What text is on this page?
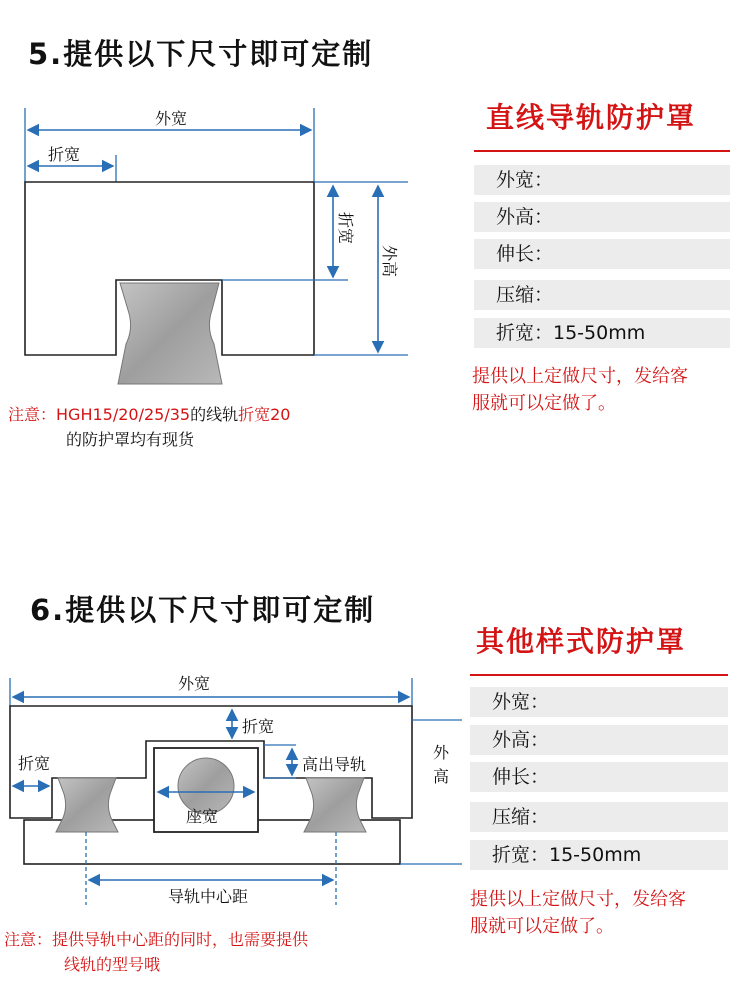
5.提供以下尺寸即可定制
外宽
折宽
折宽
外高
注意：HGH15/20/25/35的线轨折宽20
的防护罩均有现货
直线导轨防护罩
外宽：
外高：
伸长：
压缩：
折宽：15-50mm
提供以上定做尺寸，发给客
服就可以定做了。
6.提供以下尺寸即可定制
外宽
折宽
折宽	高出导轨
外
高
座宽
导轨中心距
注意：提供导轨中心距的同时，也需要提供
线轨的型号哦
其他样式防护罩
外宽：
外高：
伸长：
压缩：
折宽：15-50mm
提供以上定做尺寸，发给客
服就可以定做了。
